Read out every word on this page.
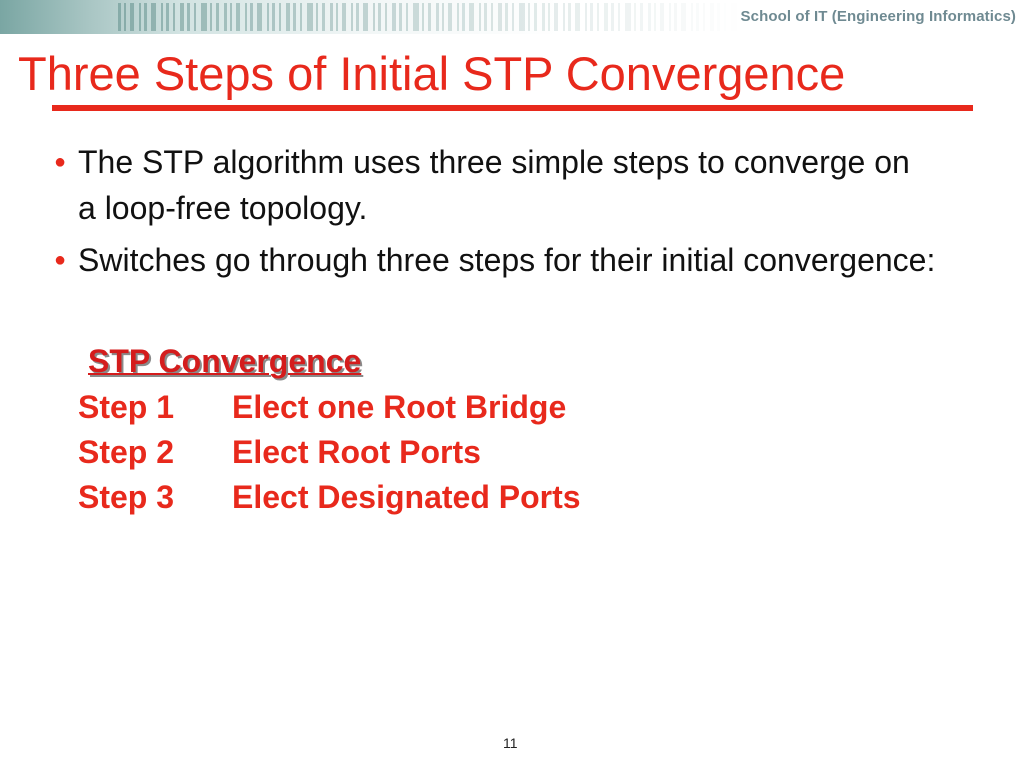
School of IT (Engineering Informatics)
Three Steps of Initial STP Convergence
● The STP algorithm uses three simple steps to converge on a loop-free topology.
● Switches go through three steps for their initial convergence:
STP Convergence
Step 1 Elect one Root Bridge
Step 2 Elect Root Ports
Step 3 Elect Designated Ports
11
